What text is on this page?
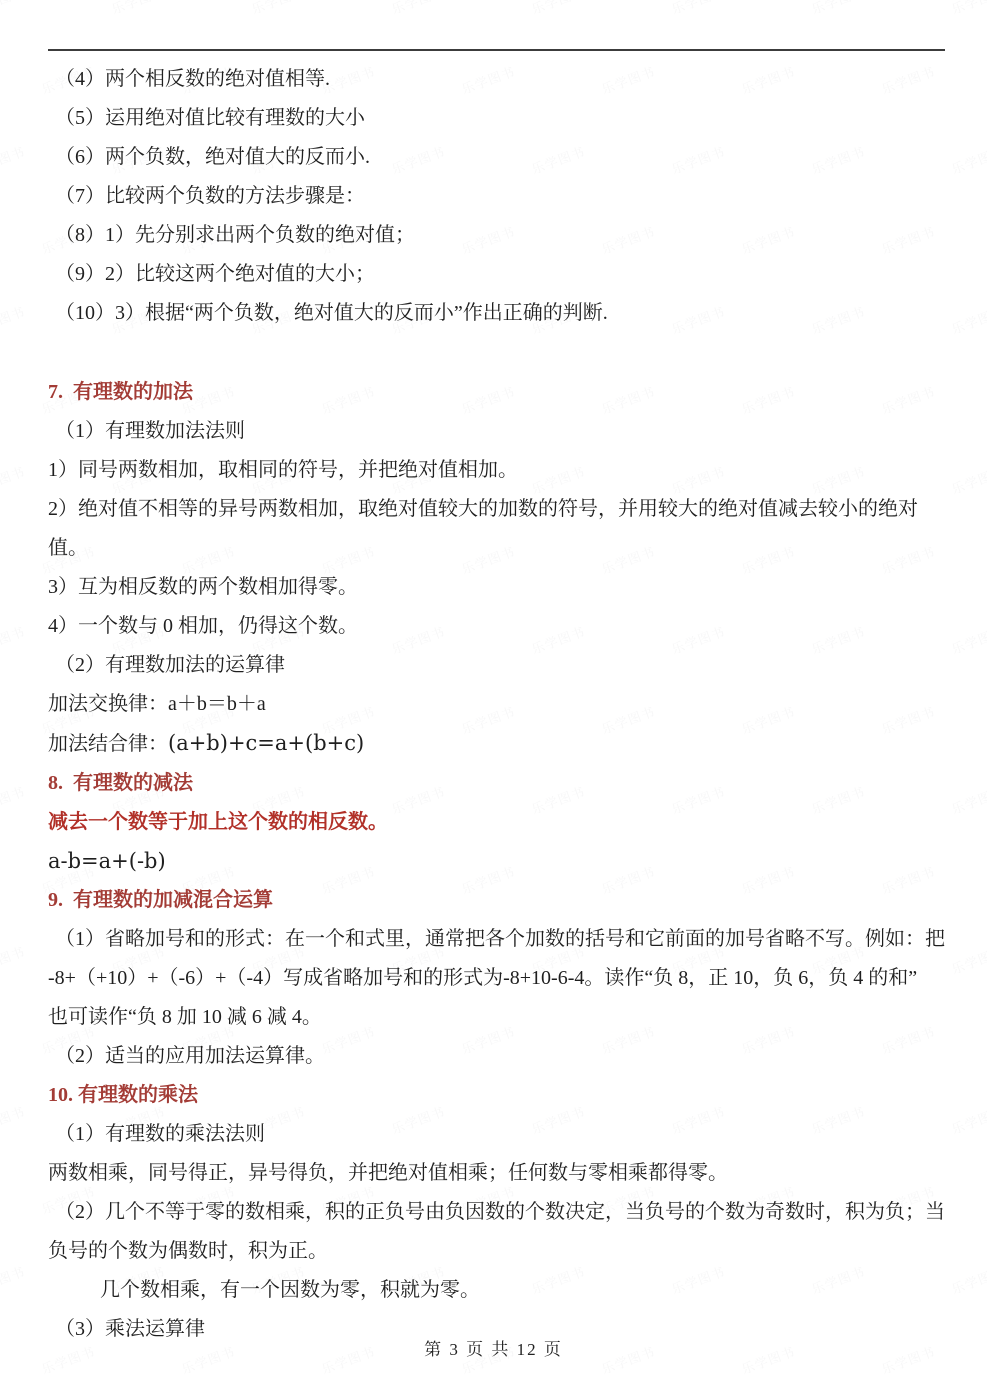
（4）两个相反数的绝对值相等.

（5）运用绝对值比较有理数的大小

（6）两个负数，绝对值大的反而小.

（7）比较两个负数的方法步骤是：

（8）1）先分别求出两个负数的绝对值；

（9）2）比较这两个绝对值的大小；

（10）3）根据“两个负数，绝对值大的反而小”作出正确的判断.

7.  有理数的加法

（1）有理数加法法则

1）同号两数相加，取相同的符号，并把绝对值相加。

2）绝对值不相等的异号两数相加，取绝对值较大的加数的符号，并用较大的绝对值减去较小的绝对值。

3）互为相反数的两个数相加得零。

4）一个数与 0 相加，仍得这个数。

（2）有理数加法的运算律

加法交换律：a＋b＝b＋a

加法结合律：(a+b)+c=a+(b+c)

8.  有理数的减法

减去一个数等于加上这个数的相反数。

a-b=a+(-b)

9.  有理数的加减混合运算

（1）省略加号和的形式：在一个和式里，通常把各个加数的括号和它前面的加号省略不写。例如：把

-8+（+10）+（-6）+（-4）写成省略加号和的形式为-8+10-6-4。读作“负 8，正 10，负 6，负 4 的和”

也可读作“负 8 加 10 减 6 减 4。

（2）适当的应用加法运算律。

10. 有理数的乘法

（1）有理数的乘法法则

两数相乘，同号得正，异号得负，并把绝对值相乘；任何数与零相乘都得零。

（2）几个不等于零的数相乘，积的正负号由负因数的个数决定，当负号的个数为奇数时，积为负；当

负号的个数为偶数时，积为正。

几个数相乘，有一个因数为零，积就为零。

（3）乘法运算律

第 3 页 共 12 页
